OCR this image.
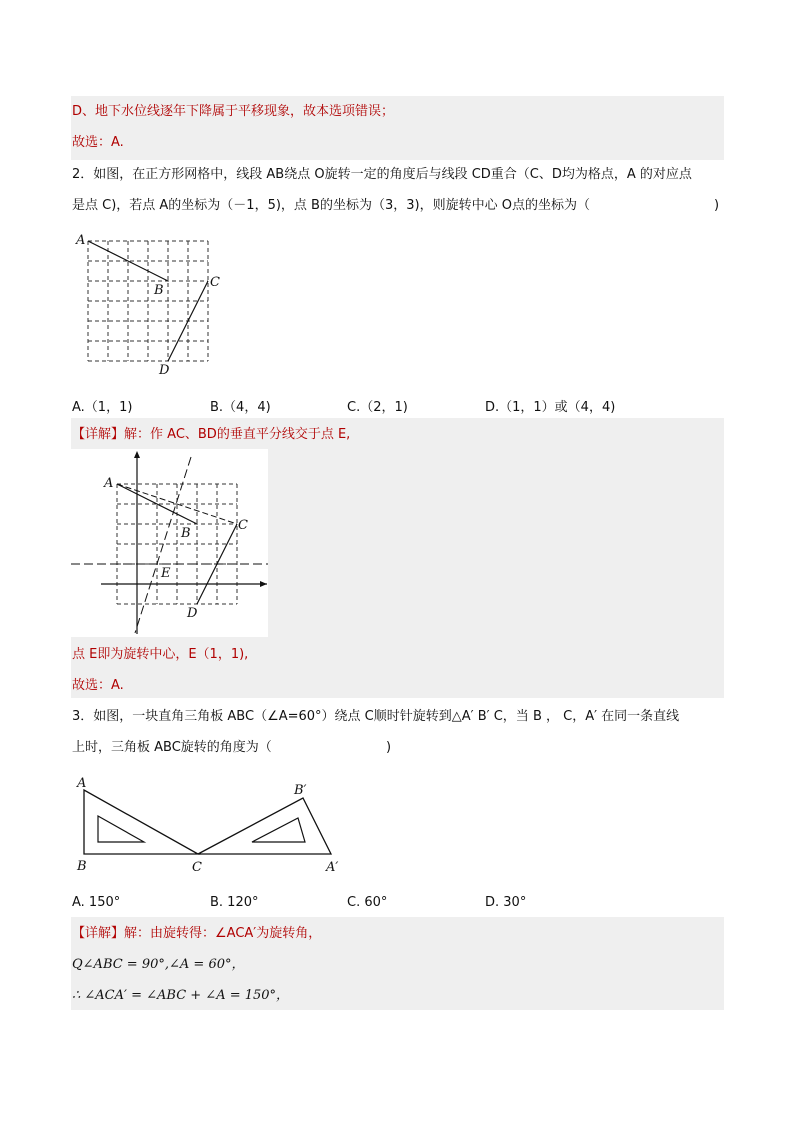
D、地下水位线逐年下降属于平移现象，故本选项错误；
故选：A.
2．如图，在正方形网格中，线段 AB绕点 O旋转一定的角度后与线段 CD重合（C、D均为格点，A 的对应点
是点 C)，若点 A的坐标为（－1，5)，点 B的坐标为（3，3)，则旋转中心 O点的坐标为（	)
A
B
C
D
A.（1，1)	B.（4，4)	C.（2，1)	D.（1，1）或（4，4)
【详解】解：作 AC、BD的垂直平分线交于点 E,
A
B
C
D
E
点 E即为旋转中心，E（1，1),
故选：A.
3．如图，一块直角三角板 ABC（∠A=60°）绕点 C顺时针旋转到△A′ B′ C，当 B ， C，A′ 在同一条直线
上时，三角板 ABC旋转的角度为（	)
A
B	C	A′
B′
A. 150°	B. 120°	C. 60°	D. 30°
【详解】解：由旋转得：∠ACA′为旋转角，
Q∠ABC = 90°,∠A = 60°，
∴ ∠ACA′ = ∠ABC + ∠A = 150°，
